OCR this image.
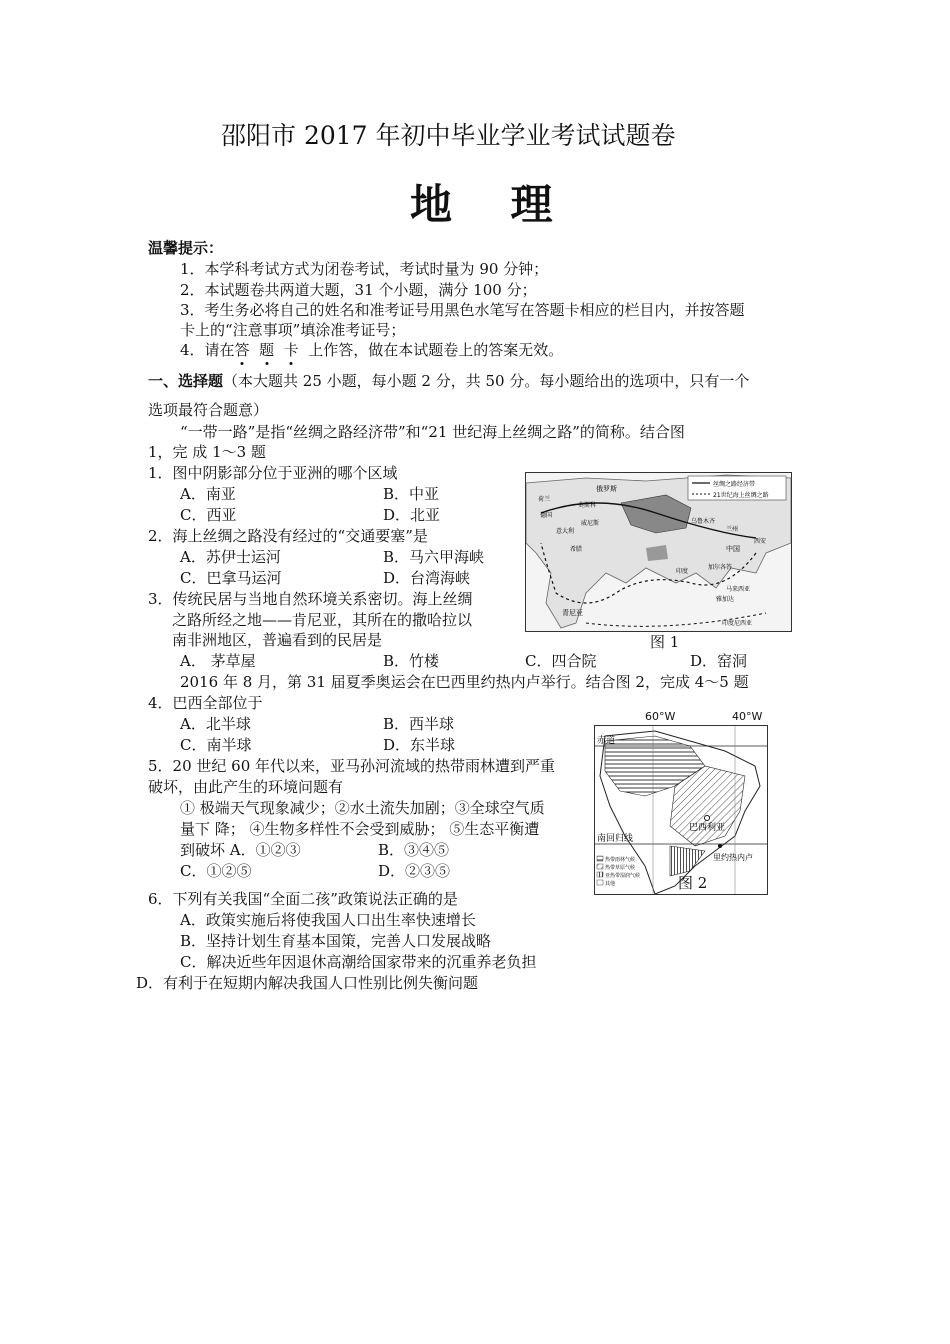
邵阳市 2017 年初中毕业学业考试试题卷
地    理
温馨提示：
1．本学科考试方式为闭卷考试，考试时量为 90 分钟；
2．本试题卷共两道大题，31 个小题，满分 100 分；
3．考生务必将自己的姓名和准考证号用黑色水笔写在答题卡相应的栏目内，并按答题
卡上的“注意事项”填涂准考证号；
4．请在答 题 卡 上作答，做在本试题卷上的答案无效。
一、选择题（本大题共 25 小题，每小题 2 分，共 50 分。每小题给出的选项中，只有一个
选项最符合题意）
“一带一路”是指“丝绸之路经济带”和“21 世纪海上丝绸之路”的简称。结合图
1，完 成 1～3 题
1．图中阴影部分位于亚洲的哪个区域
A．南亚	B．中亚
C．西亚	D．北亚
2．海上丝绸之路没有经过的“交通要塞”是
A．苏伊士运河	B．马六甲海峡
C．巴拿马运河	D．台湾海峡
3．传统民居与当地自然环境关系密切。海上丝绸
之路所经之地——肯尼亚，其所在的撒哈拉以
南非洲地区，普遍看到的民居是
A． 茅草屋	B．竹楼	C．四合院	D．窑洞
丝绸之路经济带
21世纪海上丝绸之路
俄罗斯
荷兰
莫斯科
德国
意大利
希腊
乌鲁木齐
兰州
西安
中国
印度
雅加达
马来西亚
青尼亚
印度尼西亚
加尔各答
威尼斯
图 1
2016 年 8 月，第 31 届夏季奥运会在巴西里约热内卢举行。结合图 2，完成 4～5 题
4．巴西全部位于
A．北半球	B．西半球
C．南半球	D．东半球
5．20 世纪 60 年代以来，亚马孙河流域的热带雨林遭到严重
破坏，由此产生的环境问题有
① 极端天气现象减少；②水土流失加剧；③全球空气质
量下 降； ④生物多样性不会受到威胁； ⑤生态平衡遭
到破坏 A．①②③	B．③④⑤
C．①②⑤	D．②③⑤
60°W	40°W
赤道
南回归线
巴西利亚
里约热内卢
热带雨林气候
热带草原气候
亚热带湿润气候
其他	图 2
6．下列有关我国“全面二孩”政策说法正确的是
A．政策实施后将使我国人口出生率快速增长
B．坚持计划生育基本国策，完善人口发展战略
C．解决近些年因退休高潮给国家带来的沉重养老负担
D．有利于在短期内解决我国人口性别比例失衡问题
